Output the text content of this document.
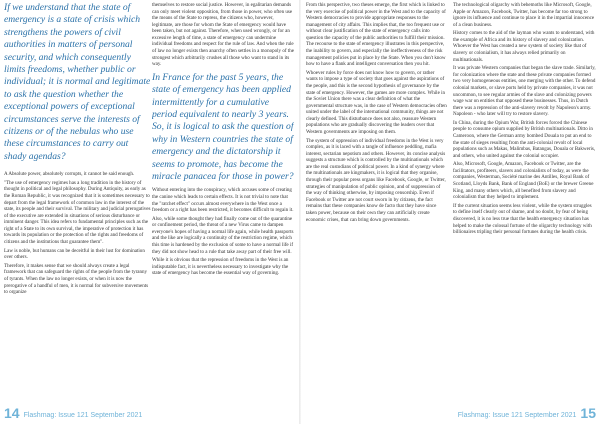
If we understand that the state of emergency is a state of crisis which strengthens the powers of civil authorities in matters of personal security, and which consequently limits freedoms, whether public or individual; it is normal and legitimate to ask the question whether the exceptional powers of exceptional circumstances serve the interests of citizens or of the nebulas who use these circumstances to carry out shady agendas?

A Absolute power, absolutely corrupts, it cannot be said enough.

"The use of emergency regimes has a long tradition in the history of thought in political and legal philosophy. During Antiquity, as early as the Roman Republic, it was recognized that it is sometimes necessary to depart from the legal framework of common law in the interest of the state, its people and their survival. The military and judicial prerogatives of the executive are extended in situations of serious disturbance or imminent danger. This idea refers to fundamental principles such as the right of a State to its own survival, the imperative of protection it has towards its population or the protection of the rights and freedoms of citizens and the institutions that guarantee them".

Law is noble, but humans can be deceitful in their lust for domination over others.

Therefore, it makes sense that we should always create a legal framework that can safeguard the rights of the people from the tyranny of tyrants. When the law no longer exists, or when it is now the prerogative of a handful of men, it is normal for subversive movements to organize

themselves to restore social justice. However, in egalitarian demands can only meet violent opposition, from those in power, who often use the means of the State to repress, the citizens who, however, legitimate, are those for whom the State of emergency would have been taken, but not against. Therefore, when used wrongly, or for an excessive length of time, a state of emergency can undermine individual freedoms and respect for the rule of law. And when the rule of law no longer exists then anarchy often settles in a monopoly of the strongest which arbitrarily crushes all those who want to stand in its way.

In France for the past 5 years, the state of emergency has been applied intermittently for a cumulative period equivalent to nearly 3 years. So, it is logical to ask the question of why in Western countries the state of emergency and the dictatorship it seems to promote, has become the miracle panacea for those in power?

Without entering into the conspiracy, which accuses some of creating the canine which leads to certain effects. It is not trivial to note that the "ratchet effect" occurs almost everywhere in the West once a freedom or a right has been restricted, it becomes difficult to regain it.

Also, while some thought they had finally come out of the quarantine or confinement period, the threat of a new Virus came to dampen everyone's hopes of having a normal life again, while health passports and the like are logically a continuity of the restriction regime, which this time is hardened by the exclusion of some to have a normal life if they did not show head to a rule that take away part of their free will.

While it is obvious that the repression of freedoms in the West is an indisputable fact, it is nevertheless necessary to investigate why the state of emergency has become the essential way of governing.

14 Flashmag: Issue 121 September 2021

From this perspective, two theses emerge, the first which is linked to the very exercise of political power in the West and to the capacity of Western democracies to provide appropriate responses to the management of city affairs. This implies that, the too frequent use or without clear justification of the state of emergency calls into question the capacity of the public authorities to fulfill their mission. The recourse to the state of emergency illustrates in this perspective, the inability to govern, and especially the ineffectiveness of the risk management policies put in place by the State. When you don't know how to have a flank and intelligent conversation then you hit.

Whoever rules by force does not know how to govern, or rather wants to impose a type of society that goes against the aspirations of the people, and this is the second hypothesis of governance by the state of emergency. However, the games are more complex. While in the Soviet Union there was a clear definition of what the governmental structure was, in the case of Western democracies often united under the label of the international community, things are not clearly defined. This disturbance does not also, reassure Western populations who are gradually discovering the leaders over that Western governments are imposing on them.

The system of oppression of individual freedoms in the West is very complex, as it is laced with a tangle of influence peddling, mafia interest, sectarian nepotism and others. However, its concise analysis suggests a structure which is controlled by the multinationals which are the real custodians of political power. In a kind of synergy where the multinationals are kingmakers, it is logical that they organise, through their popular press organs like Facebook, Google, or Twitter, strategies of manipulation of public opinion, and of suppression of the way of thinking otherwise, by imposing censorship. Even if Facebook or Twitter are not court sworn in by citizens, the fact remains that these companies know de facto that they have since taken power, because on their own they can artificially create economic crises, that can bring down governments.

The technological oligarchy with behemoths like Microsoft, Google, Apple or Amazon, Facebook, Twitter, has become far too strong to ignore its influence and continue to place it in the impartial innocence of a clean business.

History comes to the aid of the layman who wants to understand, with the example of Africa and its history of slavery and colonization. Whoever the West has created a new system of society like that of slavery or colonialism, it has always relied primarily on multinationals.

It was private Western companies that began the slave trade. Similarly, for colonization where the state and these private companies formed two very homogeneous entities, one merging with the other. To defend colonial markets, or slave ports held by private companies, it was not uncommon, to see regular armies of the slave and colonizing powers wage war on entities that opposed these businesses. Thus, in Dutch there was a repression of the anti-slavery revolt by Napoleon's army. Napoleon - who later will try to restore slavery.

In China, during the Opium War, British forces forced the Chinese people to consume opium supplied by British multinationals. Ditto in Cameroon, where the German army bombed Douala to put an end to the state of sieges resulting from the anti-colonial revolt of local populations such as Makas, Malimbas, Batangas, Douala or Bakweris, and others, who united against the colonial occupier.

Also, Microsoft, Google, Amazon, Facebook or Twitter, are the facilitators, profiteers, slavers and colonialists of today, as were the companies, Westerman, Société marine des Antilles, Royal Bank of Scotland, Lloyds Bank, Bank of England (BoE) or the brewer Greene King, and many others which, all benefited from slavery and colonialism that they helped to implement.

If the current situation seems less violent, while the system struggles to define itself clearly out of shame, and no doubt, by fear of being discovered, it is no less true that the health emergency situation has helped to make the colossal fortune of the oligarchy technology with billionaires tripling their personal fortunes during the health crisis.

Flashmag: Issue 121 September 2021 15
